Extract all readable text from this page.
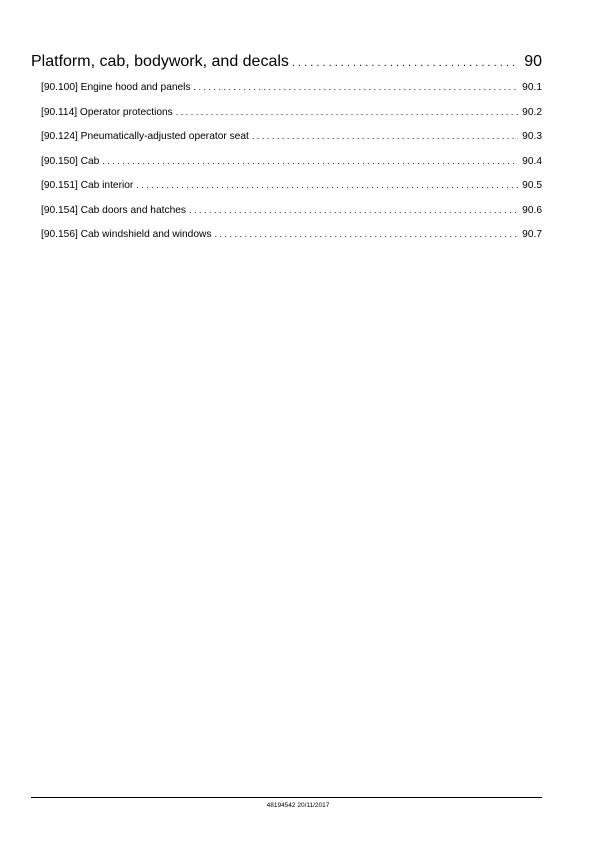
Platform, cab, bodywork, and decals . . .	90
[90.100] Engine hood and panels . . .	90.1
[90.114] Operator protections . . .	90.2
[90.124] Pneumatically-adjusted operator seat . . .	90.3
[90.150] Cab . . .	90.4
[90.151] Cab interior . . .	90.5
[90.154] Cab doors and hatches . . .	90.6
[90.156] Cab windshield and windows . . .	90.7
48194542 20/11/2017
